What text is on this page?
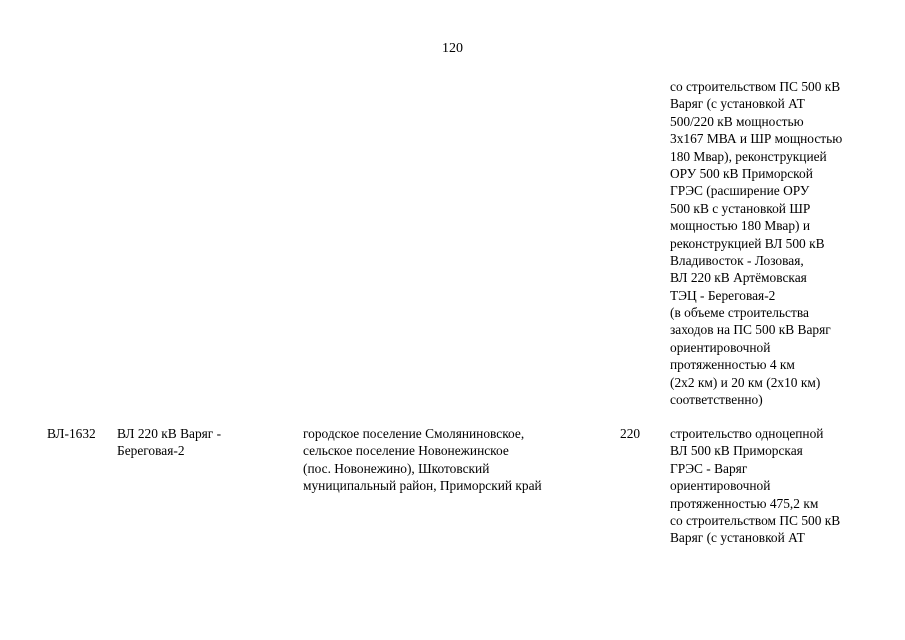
120
со строительством ПС 500 кВ
Варяг (с установкой АТ
500/220 кВ мощностью
3х167 МВА и ШР мощностью
180 Мвар), реконструкцией
ОРУ 500 кВ Приморской
ГРЭС (расширение ОРУ
500 кВ с установкой ШР
мощностью 180 Мвар) и
реконструкцией ВЛ 500 кВ
Владивосток - Лозовая,
ВЛ 220 кВ Артёмовская
ТЭЦ - Береговая-2
(в объеме строительства
заходов на ПС 500 кВ Варяг
ориентировочной
протяженностью 4 км
(2х2 км) и 20 км (2х10 км)
соответственно)
ВЛ-1632 ВЛ 220 кВ Варяг -
Береговая-2
городское поселение Смоляниновское,
сельское поселение Новонежинское
(пос. Новонежино), Шкотовский
муниципальный район, Приморский край
220 строительство одноцепной
ВЛ 500 кВ Приморская
ГРЭС - Варяг
ориентировочной
протяженностью 475,2 км
со строительством ПС 500 кВ
Варяг (с установкой АТ
